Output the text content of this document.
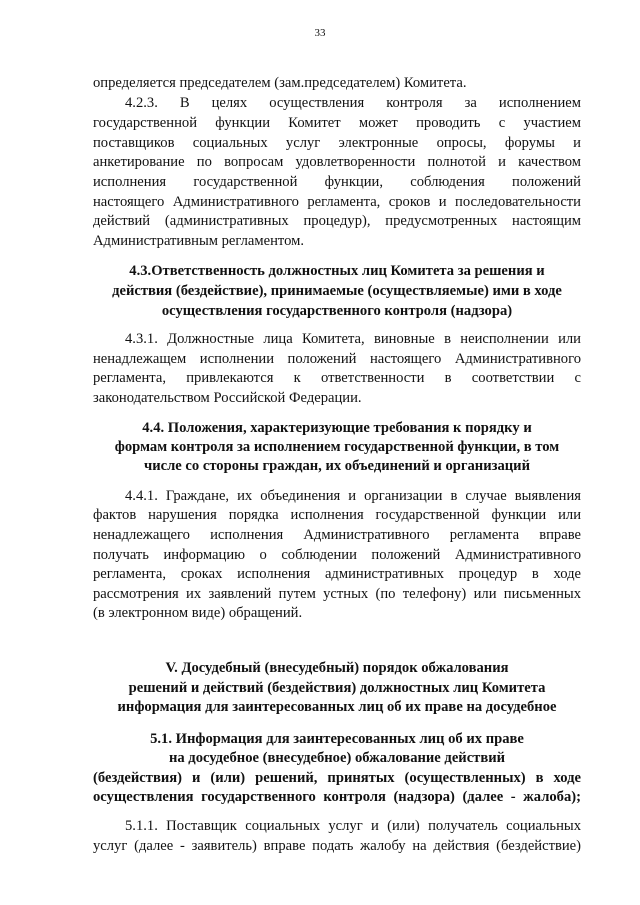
33
определяется председателем (зам.председателем) Комитета.
4.2.3. В целях осуществления контроля за исполнением
государственной функции Комитет может проводить с участием
поставщиков социальных услуг электронные опросы, форумы и
анкетирование по вопросам удовлетворенности полнотой и качеством
исполнения государственной функции, соблюдения положений
настоящего Административного регламента, сроков и последовательности
действий (административных процедур), предусмотренных настоящим
Административным регламентом.
4.3.Ответственность должностных лиц Комитета за решения и
действия (бездействие), принимаемые (осуществляемые) ими в ходе
осуществления государственного контроля (надзора)
4.3.1. Должностные лица Комитета, виновные в неисполнении или
ненадлежащем исполнении положений настоящего Административного
регламента, привлекаются к ответственности в соответствии с
законодательством Российской Федерации.
4.4. Положения, характеризующие требования к порядку и
формам контроля за исполнением государственной функции, в том
числе со стороны граждан, их объединений и организаций
4.4.1. Граждане, их объединения и организации в случае выявления
фактов нарушения порядка исполнения государственной функции или
ненадлежащего исполнения Административного регламента вправе
получать информацию о соблюдении положений Административного
регламента, сроках исполнения административных процедур в ходе
рассмотрения их заявлений путем устных (по телефону) или письменных
(в электронном виде) обращений.
V. Досудебный (внесудебный) порядок обжалования
решений и действий (бездействия) должностных лиц Комитета
информация для заинтересованных лиц об их праве на досудебное
5.1. Информация для заинтересованных лиц об их праве
на досудебное (внесудебное) обжалование действий
(бездействия) и (или) решений, принятых (осуществленных) в ходе
осуществления государственного контроля (надзора) (далее - жалоба);
5.1.1. Поставщик социальных услуг и (или) получатель социальных
услуг (далее - заявитель) вправе подать жалобу на действия (бездействие)
